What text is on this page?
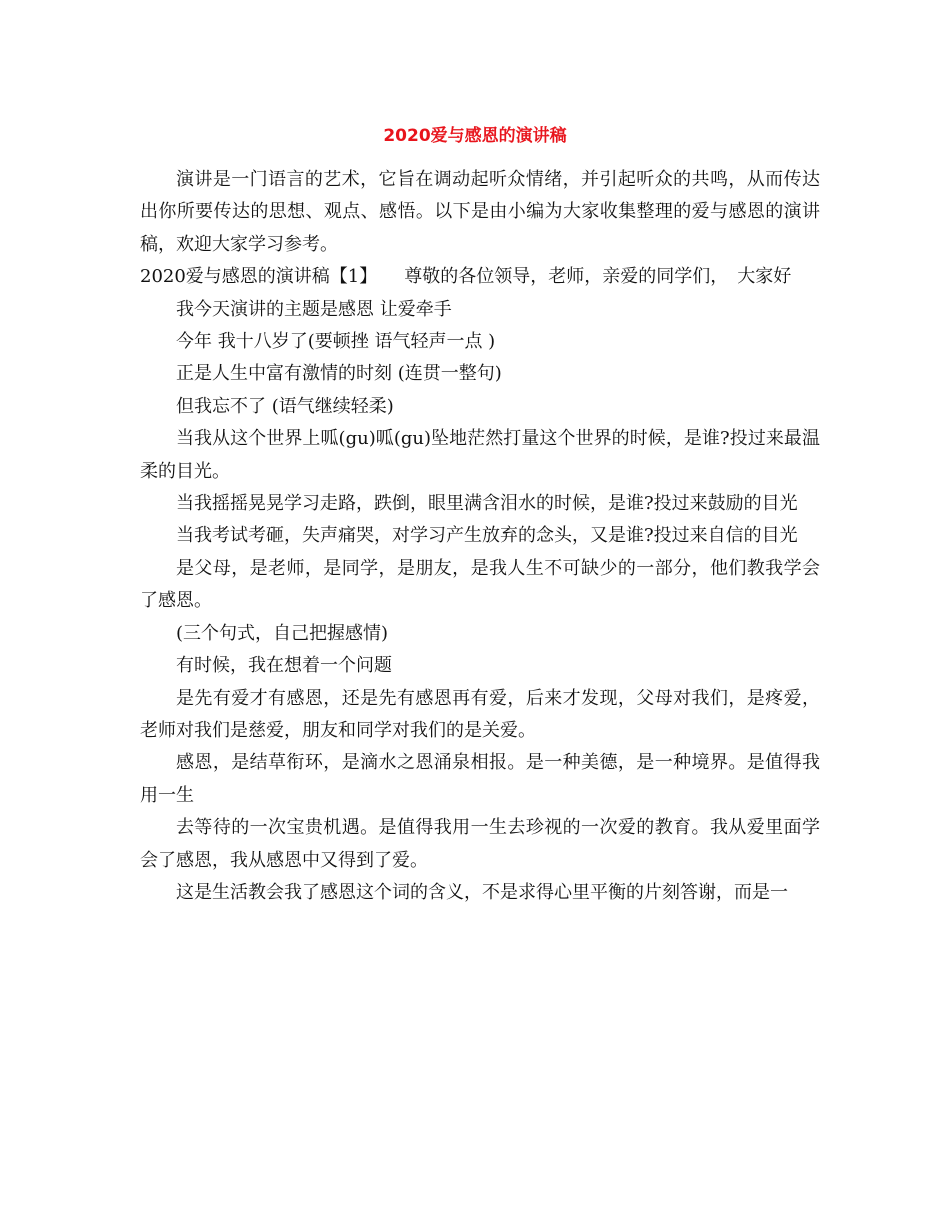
2020爱与感恩的演讲稿

演讲是一门语言的艺术，它旨在调动起听众情绪，并引起听众的共鸣，从而传达出你所要传达的思想、观点、感悟。以下是由小编为大家收集整理的爱与感恩的演讲稿，欢迎大家学习参考。

2020爱与感恩的演讲稿【1】　　尊敬的各位领导，老师，亲爱的同学们，　大家好

我今天演讲的主题是感恩 让爱牵手

今年 我十八岁了(要顿挫 语气轻声一点 )

正是人生中富有激情的时刻 (连贯一整句)

但我忘不了 (语气继续轻柔)

当我从这个世界上呱(gu)呱(gu)坠地茫然打量这个世界的时候，是谁?投过来最温柔的目光。

当我摇摇晃晃学习走路，跌倒，眼里满含泪水的时候，是谁?投过来鼓励的目光

当我考试考砸，失声痛哭，对学习产生放弃的念头，又是谁?投过来自信的目光

是父母，是老师，是同学，是朋友，是我人生不可缺少的一部分，他们教我学会了感恩。

(三个句式，自己把握感情)

有时候，我在想着一个问题

是先有爱才有感恩，还是先有感恩再有爱，后来才发现，父母对我们，是疼爱，老师对我们是慈爱，朋友和同学对我们的是关爱。

感恩，是结草衔环，是滴水之恩涌泉相报。是一种美德，是一种境界。是值得我用一生

去等待的一次宝贵机遇。是值得我用一生去珍视的一次爱的教育。我从爱里面学会了感恩，我从感恩中又得到了爱。

这是生活教会我了感恩这个词的含义，不是求得心里平衡的片刻答谢，而是一
